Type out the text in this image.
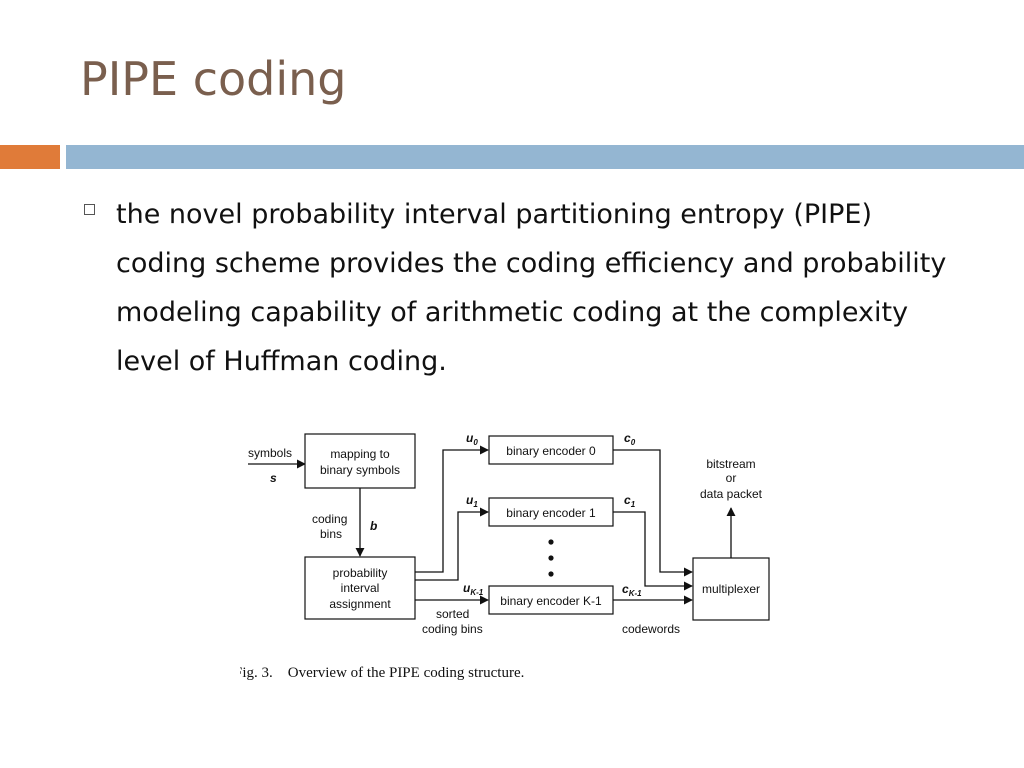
PIPE coding
the novel probability interval partitioning entropy (PIPE) coding scheme provides the coding efficiency and probability modeling capability of arithmetic coding at the complexity level of Huffman coding.
symbols
s
mapping to
binary symbols
coding
bins
b
probability
interval
assignment
$u_0$
$u_1$
$u_{K-1}$
sorted
coding bins
binary encoder 0
binary encoder 1
binary encoder K-1
$c_0$
$c_1$
$c_{K-1}$
codewords
multiplexer
bitstream
or
data packet
Fig. 3.    Overview of the PIPE coding structure.
